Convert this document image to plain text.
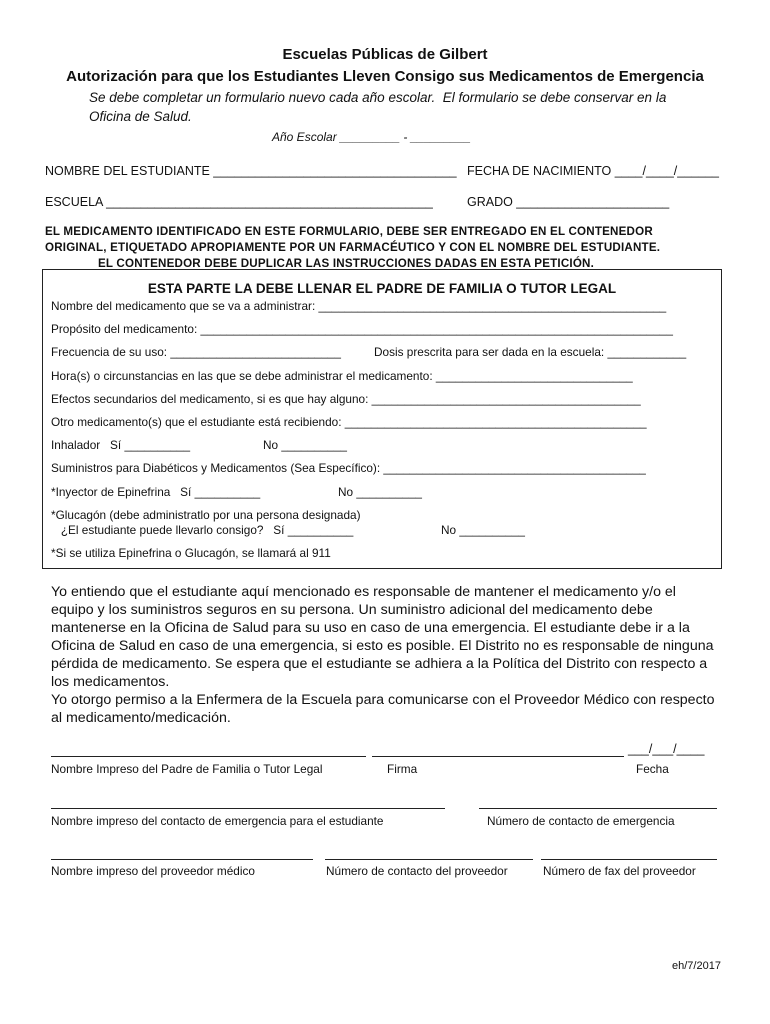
Escuelas Públicas de Gilbert
Autorización para que los Estudiantes Lleven Consigo sus Medicamentos de Emergencia
Se debe completar un formulario nuevo cada año escolar.  El formulario se debe conservar en la
Oficina de Salud.
Año Escolar _________ - _________
NOMBRE DEL ESTUDIANTE ___________________________________ FECHA DE NACIMIENTO ____/____/______
ESCUELA _______________________________________________	GRADO ______________________
EL MEDICAMENTO IDENTIFICADO EN ESTE FORMULARIO, DEBE SER ENTREGADO EN EL CONTENEDOR
ORIGINAL, ETIQUETADO APROPIAMENTE POR UN FARMACÉUTICO Y CON EL NOMBRE DEL ESTUDIANTE.
EL CONTENEDOR DEBE DUPLICAR LAS INSTRUCCIONES DADAS EN ESTA PETICIÓN.
ESTA PARTE LA DEBE LLENAR EL PADRE DE FAMILIA O TUTOR LEGAL
Nombre del medicamento que se va a administrar: _____________________________________________________
Propósito del medicamento: ________________________________________________________________________
Frecuencia de su uso: __________________________	Dosis prescrita para ser dada en la escuela: ____________
Hora(s) o circunstancias en las que se debe administrar el medicamento: ______________________________
Efectos secundarios del medicamento, si es que hay alguno: _________________________________________
Otro medicamento(s) que el estudiante está recibiendo: ______________________________________________
Inhalador   Sí __________	No __________
Suministros para Diabéticos y Medicamentos (Sea Específico): ________________________________________
*Inyector de Epinefrina   Sí __________	No __________
*Glucagón (debe administratlo por una persona designada)
¿El estudiante puede llevarlo consigo?   Sí __________	No __________
*Si se utiliza Epinefrina o Glucagón, se llamará al 911

Yo entiendo que el estudiante aquí mencionado es responsable de mantener el medicamento y/o el equipo y los suministros seguros en su persona. Un suministro adicional del medicamento debe mantenerse en la Oficina de Salud para su uso en caso de una emergencia. El estudiante debe ir a la Oficina de Salud en caso de una emergencia, si esto es posible. El Distrito no es responsable de ninguna pérdida de medicamento. Se espera que el estudiante se adhiera a la Política del Distrito con respecto a los medicamentos.

Yo otorgo permiso a la Enfermera de la Escuela para comunicarse con el Proveedor Médico con respecto al medicamento/medicación.

___/___/____
Nombre Impreso del Padre de Familia o Tutor Legal	Firma	Fecha
Nombre impreso del contacto de emergencia para el estudiante	Número de contacto de emergencia
Nombre impreso del proveedor médico	Número de contacto del proveedor	Número de fax del proveedor
eh/7/2017
